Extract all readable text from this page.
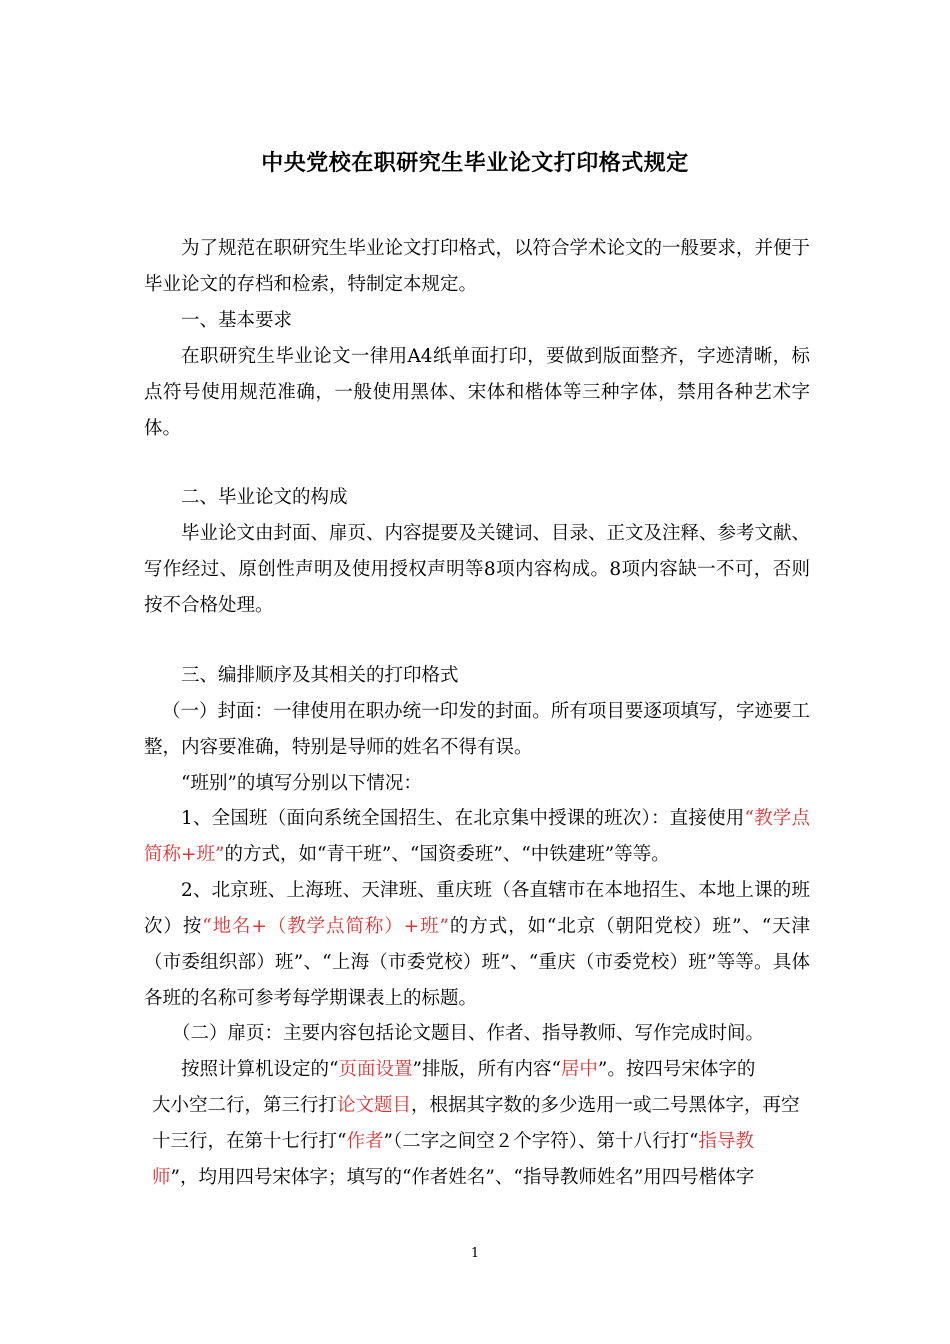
中央党校在职研究生毕业论文打印格式规定
为了规范在职研究生毕业论文打印格式，以符合学术论文的一般要求，并便于毕业论文的存档和检索，特制定本规定。
一、基本要求
在职研究生毕业论文一律用A4纸单面打印，要做到版面整齐，字迹清晰，标点符号使用规范准确，一般使用黑体、宋体和楷体等三种字体，禁用各种艺术字体。
二、毕业论文的构成
毕业论文由封面、扉页、内容提要及关键词、目录、正文及注释、参考文献、写作经过、原创性声明及使用授权声明等8项内容构成。8项内容缺一不可，否则按不合格处理。
三、编排顺序及其相关的打印格式
（一）封面：一律使用在职办统一印发的封面。所有项目要逐项填写，字迹要工整，内容要准确，特别是导师的姓名不得有误。
“班别”的填写分别以下情况：
1、全国班（面向系统全国招生、在北京集中授课的班次）：直接使用“教学点简称+班”的方式，如“青干班”、“国资委班”、“中铁建班”等等。
2、北京班、上海班、天津班、重庆班（各直辖市在本地招生、本地上课的班次）按“地名+（教学点简称）+班”的方式，如“北京（朝阳党校）班”、“天津（市委组织部）班”、“上海（市委党校）班”、“重庆（市委党校）班”等等。具体各班的名称可参考每学期课表上的标题。
（二）扉页：主要内容包括论文题目、作者、指导教师、写作完成时间。
按照计算机设定的“页面设置”排版，所有内容“居中”。按四号宋体字的
大小空二行，第三行打论文题目，根据其字数的多少选用一或二号黑体字，再空
十三行，在第十七行打“作者”（二字之间空２个字符）、第十八行打“指导教
师”，均用四号宋体字；填写的“作者姓名”、“指导教师姓名”用四号楷体字
1
